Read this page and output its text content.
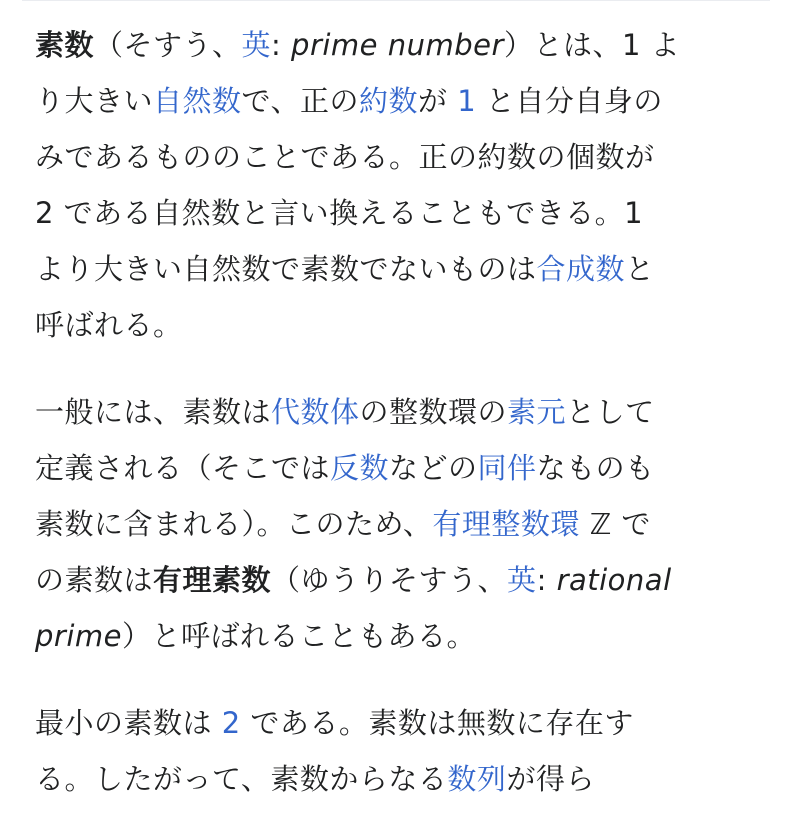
素数（そすう、英: prime number）とは、1 よ
り大きい自然数で、正の約数が 1 と自分自身の
みであるもののことである。正の約数の個数が
2 である自然数と言い換えることもできる。1
より大きい自然数で素数でないものは合成数と
呼ばれる。
一般には、素数は代数体の整数環の素元として
定義される（そこでは反数などの同伴なものも
素数に含まれる）。このため、有理整数環 ℤ で
の素数は有理素数（ゆうりそすう、英: rational
prime）と呼ばれることもある。
最小の素数は 2 である。素数は無数に存在す
る。したがって、素数からなる数列が得ら
